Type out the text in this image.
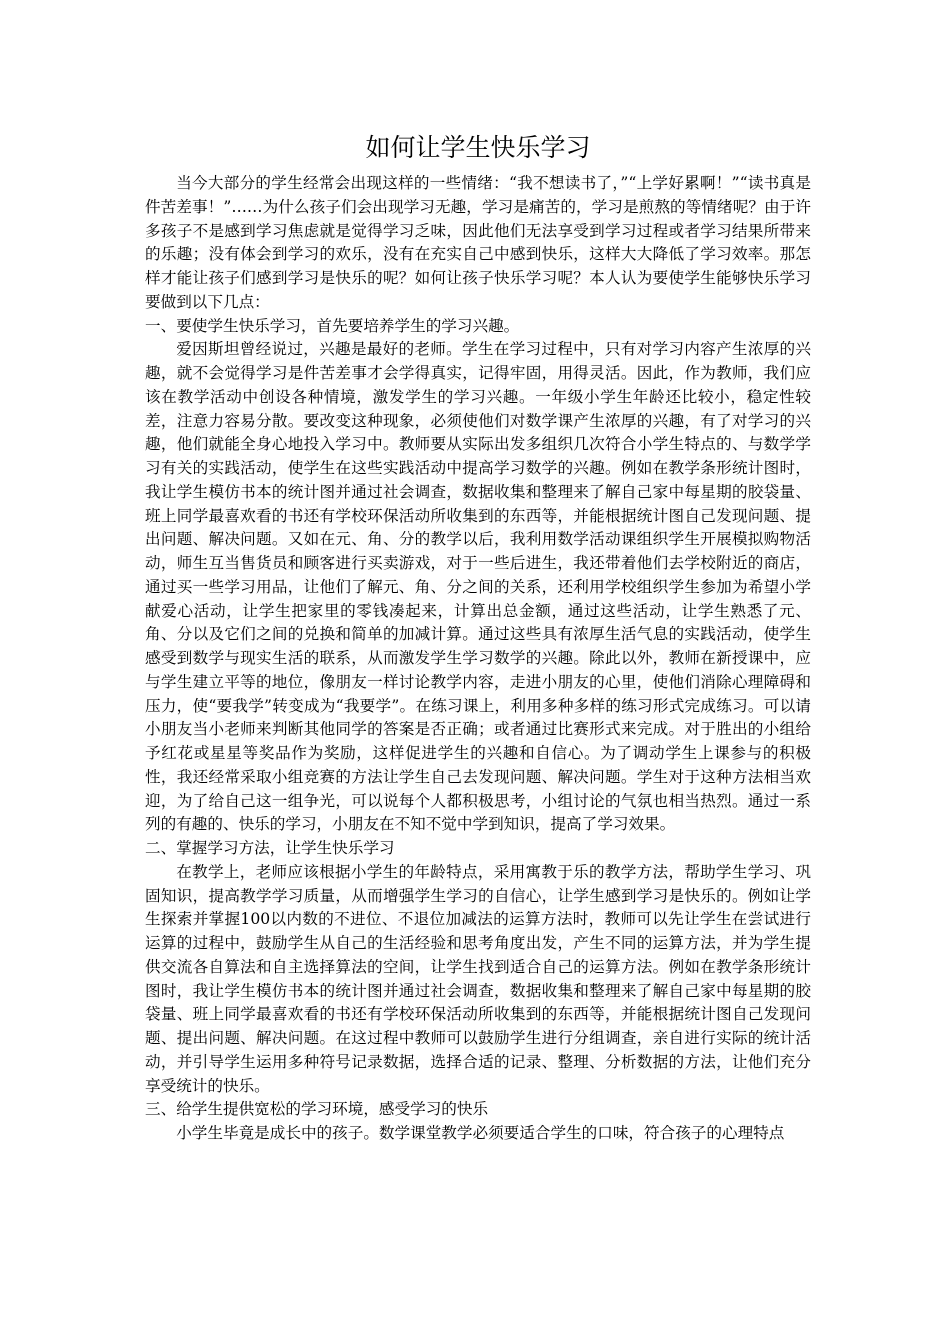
如何让学生快乐学习

当今大部分的学生经常会出现这样的一些情绪：“我不想读书了，”“上学好累啊！”“读书真是件苦差事！”……为什么孩子们会出现学习无趣，学习是痛苦的，学习是煎熬的等情绪呢？由于许多孩子不是感到学习焦虑就是觉得学习乏味，因此他们无法享受到学习过程或者学习结果所带来的乐趣；没有体会到学习的欢乐，没有在充实自己中感到快乐，这样大大降低了学习效率。那怎样才能让孩子们感到学习是快乐的呢？如何让孩子快乐学习呢？本人认为要使学生能够快乐学习要做到以下几点：

一、要使学生快乐学习，首先要培养学生的学习兴趣。

爱因斯坦曾经说过，兴趣是最好的老师。学生在学习过程中，只有对学习内容产生浓厚的兴趣，就不会觉得学习是件苦差事才会学得真实，记得牢固，用得灵活。因此，作为教师，我们应该在教学活动中创设各种情境，激发学生的学习兴趣。一年级小学生年龄还比较小，稳定性较差，注意力容易分散。要改变这种现象，必须使他们对数学课产生浓厚的兴趣，有了对学习的兴趣，他们就能全身心地投入学习中。教师要从实际出发多组织几次符合小学生特点的、与数学学习有关的实践活动，使学生在这些实践活动中提高学习数学的兴趣。例如在教学条形统计图时，我让学生模仿书本的统计图并通过社会调查，数据收集和整理来了解自己家中每星期的胶袋量、班上同学最喜欢看的书还有学校环保活动所收集到的东西等，并能根据统计图自己发现问题、提出问题、解决问题。又如在元、角、分的教学以后，我利用数学活动课组织学生开展模拟购物活动，师生互当售货员和顾客进行买卖游戏，对于一些后进生，我还带着他们去学校附近的商店，通过买一些学习用品，让他们了解元、角、分之间的关系，还利用学校组织学生参加为希望小学献爱心活动，让学生把家里的零钱凑起来，计算出总金额，通过这些活动，让学生熟悉了元、角、分以及它们之间的兑换和简单的加减计算。通过这些具有浓厚生活气息的实践活动，使学生感受到数学与现实生活的联系，从而激发学生学习数学的兴趣。除此以外，教师在新授课中，应与学生建立平等的地位，像朋友一样讨论教学内容，走进小朋友的心里，使他们消除心理障碍和压力，使“要我学”转变成为“我要学”。在练习课上，利用多种多样的练习形式完成练习。可以请小朋友当小老师来判断其他同学的答案是否正确；或者通过比赛形式来完成。对于胜出的小组给予红花或星星等奖品作为奖励，这样促进学生的兴趣和自信心。为了调动学生上课参与的积极性，我还经常采取小组竞赛的方法让学生自己去发现问题、解决问题。学生对于这种方法相当欢迎，为了给自己这一组争光，可以说每个人都积极思考，小组讨论的气氛也相当热烈。通过一系列的有趣的、快乐的学习，小朋友在不知不觉中学到知识，提高了学习效果。

二、掌握学习方法，让学生快乐学习

在教学上，老师应该根据小学生的年龄特点，采用寓教于乐的教学方法，帮助学生学习、巩固知识，提高教学学习质量，从而增强学生学习的自信心，让学生感到学习是快乐的。例如让学生探索并掌握100以内数的不进位、不退位加减法的运算方法时，教师可以先让学生在尝试进行运算的过程中，鼓励学生从自己的生活经验和思考角度出发，产生不同的运算方法，并为学生提供交流各自算法和自主选择算法的空间，让学生找到适合自己的运算方法。例如在教学条形统计图时，我让学生模仿书本的统计图并通过社会调查，数据收集和整理来了解自己家中每星期的胶袋量、班上同学最喜欢看的书还有学校环保活动所收集到的东西等，并能根据统计图自己发现问题、提出问题、解决问题。在这过程中教师可以鼓励学生进行分组调查，亲自进行实际的统计活动，并引导学生运用多种符号记录数据，选择合适的记录、整理、分析数据的方法，让他们充分享受统计的快乐。

三、给学生提供宽松的学习环境，感受学习的快乐

小学生毕竟是成长中的孩子。数学课堂教学必须要适合学生的口味，符合孩子的心理特点
